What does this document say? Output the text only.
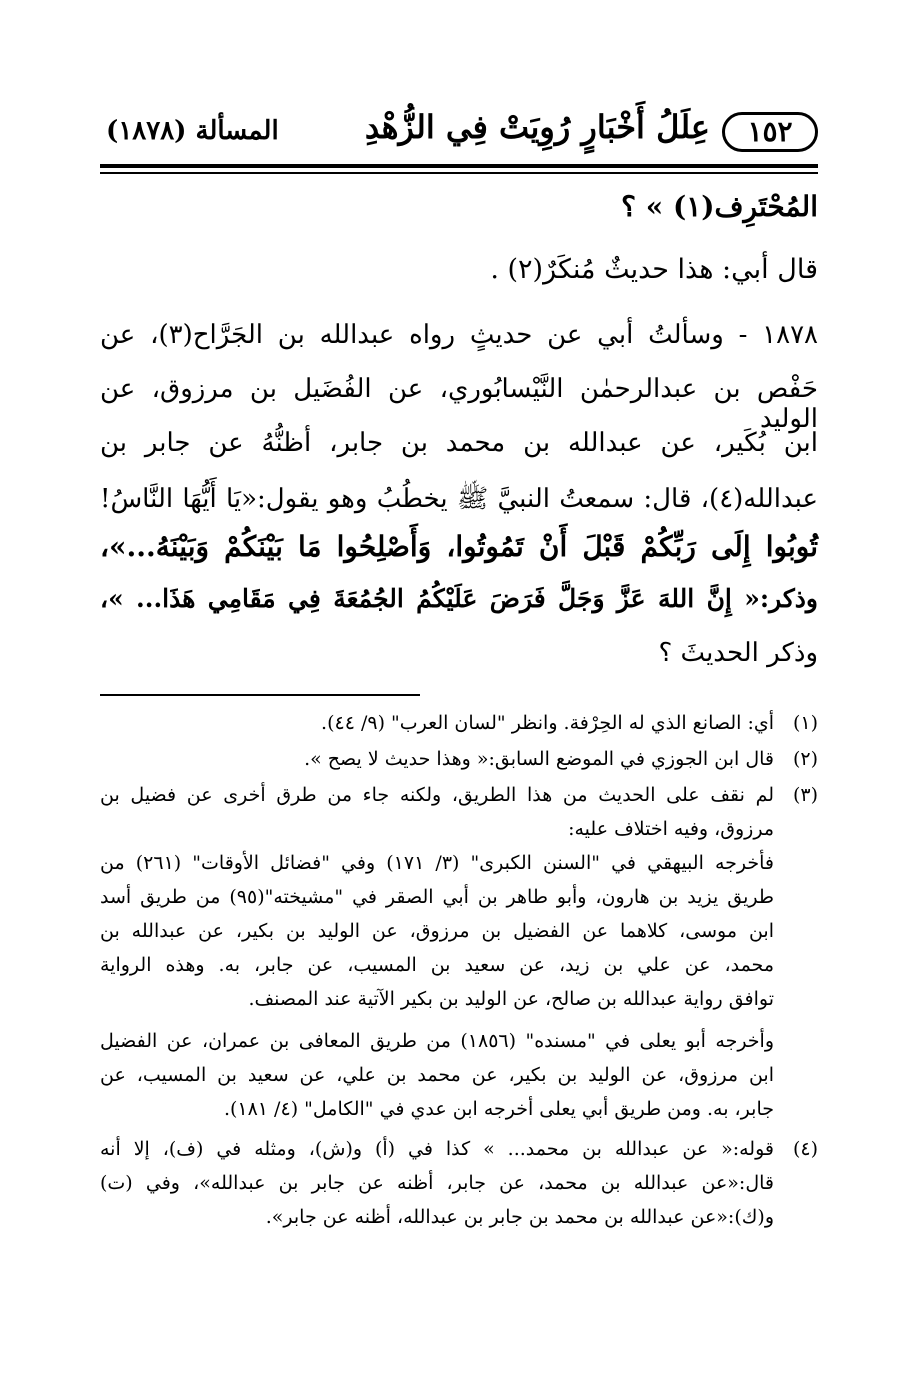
١٥٢
عِلَلُ أَخْبَارٍ رُوِيَتْ فِي الزُّهْدِ
المسألة (١٨٧٨)
المُحْتَرِف(١) » ؟
قال أبي: هذا حديثٌ مُنكَرٌ(٢) .
١٨٧٨ - وسألتُ أبي عن حديثٍ رواه عبدالله بن الجَرَّاح(٣)، عن
حَفْص بن عبدالرحمٰن النَّيْسابُوري، عن الفُضَيل بن مرزوق، عن الوليد
ابن بُكَير، عن عبدالله بن محمد بن جابر، أظنُّهُ عن جابر بن
عبدالله(٤)، قال: سمعتُ النبيَّ ﷺ يخطُبُ وهو يقول:«يَا أَيُّهَا النَّاسُ!
تُوبُوا إِلَى رَبِّكُمْ قَبْلَ أَنْ تَمُوتُوا، وَأَصْلِحُوا مَا بَيْنَكُمْ وَبَيْنَهُ...»،
وذكر:« إِنَّ اللهَ عَزَّ وَجَلَّ فَرَضَ عَلَيْكُمُ الجُمُعَةَ فِي مَقَامِي هَذَا... »،
وذكر الحديثَ ؟
(١)أي: الصانع الذي له الحِرْفة. وانظر "لسان العرب" (٩/ ٤٤).
(٢)قال ابن الجوزي في الموضع السابق:« وهذا حديث لا يصح ».
(٣)
لم نقف على الحديث من هذا الطريق، ولكنه جاء من طرق أخرى عن فضيل بن
مرزوق، وفيه اختلاف عليه:
فأخرجه البيهقي في "السنن الكبرى" (٣/ ١٧١) وفي "فضائل الأوقات" (٢٦١) من
طريق يزيد بن هارون، وأبو طاهر بن أبي الصقر في "مشيخته"(٩٥) من طريق أسد
ابن موسى، كلاهما عن الفضيل بن مرزوق، عن الوليد بن بكير، عن عبدالله بن
محمد، عن علي بن زيد، عن سعيد بن المسيب، عن جابر، به. وهذه الرواية
توافق رواية عبدالله بن صالح، عن الوليد بن بكير الآتية عند المصنف.
وأخرجه أبو يعلى في "مسنده" (١٨٥٦) من طريق المعافى بن عمران، عن الفضيل
ابن مرزوق، عن الوليد بن بكير، عن محمد بن علي، عن سعيد بن المسيب، عن
جابر، به. ومن طريق أبي يعلى أخرجه ابن عدي في "الكامل" (٤/ ١٨١).
(٤)
قوله:« عن عبدالله بن محمد... » كذا في (أ) و(ش)، ومثله في (ف)، إلا أنه
قال:«عن عبدالله بن محمد، عن جابر، أظنه عن جابر بن عبدالله»، وفي (ت)
و(ك):«عن عبدالله بن محمد بن جابر بن عبدالله، أظنه عن جابر».
